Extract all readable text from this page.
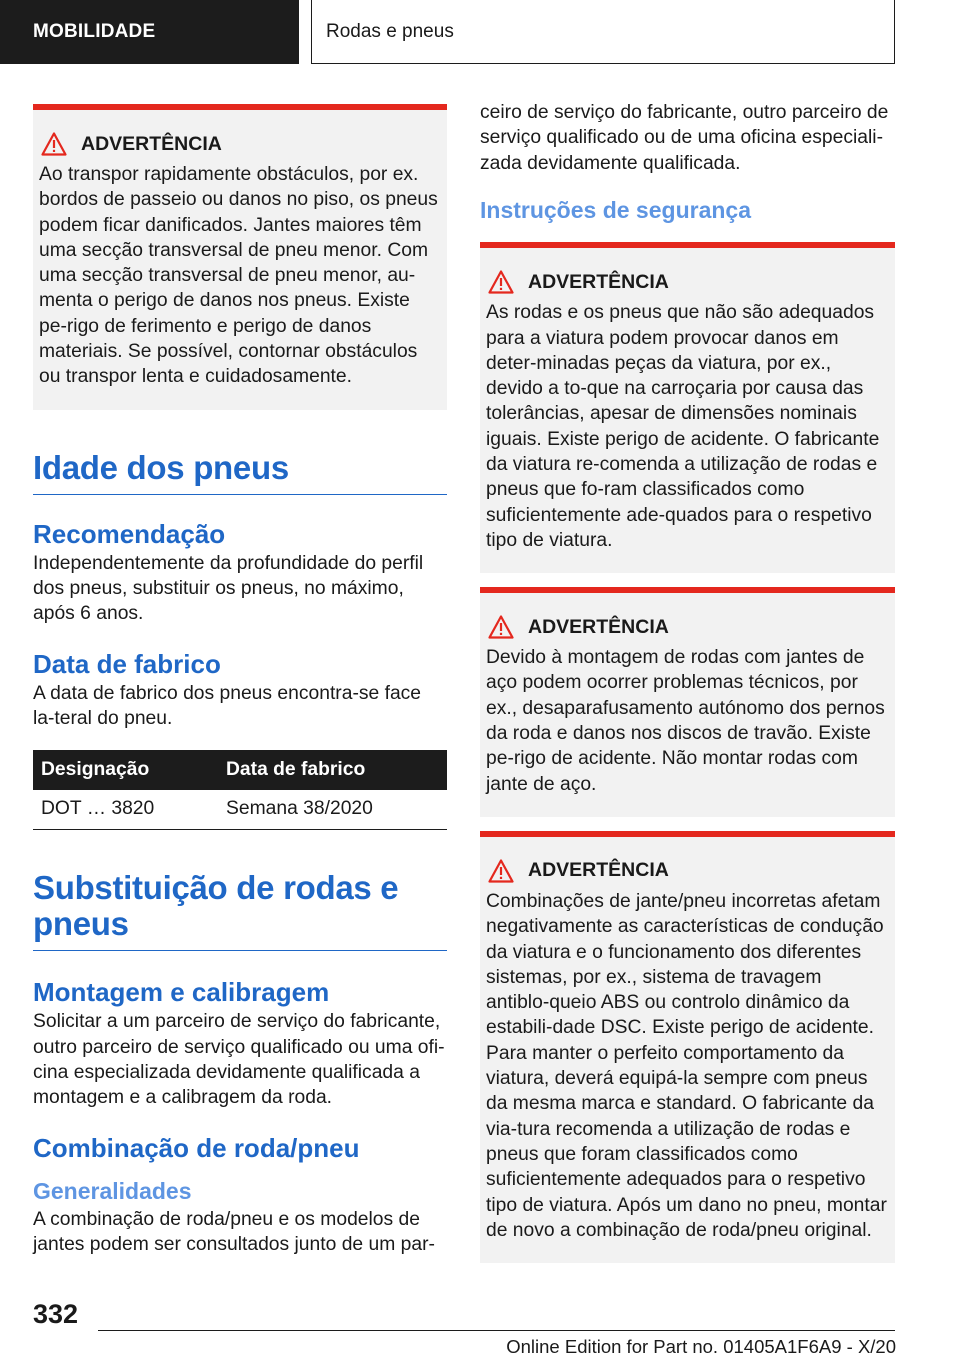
MOBILIDADE	Rodas e pneus
ADVERTÊNCIA

Ao transpor rapidamente obstáculos, por ex. bordos de passeio ou danos no piso, os pneus podem ficar danificados. Jantes maiores têm uma secção transversal de pneu menor. Com uma secção transversal de pneu menor, au-menta o perigo de danos nos pneus. Existe pe-rigo de ferimento e perigo de danos materiais. Se possível, contornar obstáculos ou transpor lenta e cuidadosamente.

Idade dos pneus
Recomendação

Independentemente da profundidade do perfil dos pneus, substituir os pneus, no máximo, após 6 anos.

Data de fabrico

A data de fabrico dos pneus encontra-se face la-teral do pneu.

Designação	Data de fabrico
DOT … 3820	Semana 38/2020
Substituição de rodas e pneus
Montagem e calibragem

Solicitar a um parceiro de serviço do fabricante, outro parceiro de serviço qualificado ou uma ofi-cina especializada devidamente qualificada a montagem e a calibragem da roda.

Combinação de roda/pneu
Generalidades

A combinação de roda/pneu e os modelos de jantes podem ser consultados junto de um par-

ceiro de serviço do fabricante, outro parceiro de serviço qualificado ou de uma oficina especiali-zada devidamente qualificada.

Instruções de segurança
ADVERTÊNCIA

As rodas e os pneus que não são adequados para a viatura podem provocar danos em deter-minadas peças da viatura, por ex., devido a to-que na carroçaria por causa das tolerâncias, apesar de dimensões nominais iguais. Existe perigo de acidente. O fabricante da viatura re-comenda a utilização de rodas e pneus que fo-ram classificados como suficientemente ade-quados para o respetivo tipo de viatura.

ADVERTÊNCIA

Devido à montagem de rodas com jantes de aço podem ocorrer problemas técnicos, por ex., desaparafusamento autónomo dos pernos da roda e danos nos discos de travão. Existe pe-rigo de acidente. Não montar rodas com jante de aço.

ADVERTÊNCIA

Combinações de jante/pneu incorretas afetam negativamente as características de condução da viatura e o funcionamento dos diferentes sistemas, por ex., sistema de travagem antiblo-queio ABS ou controlo dinâmico da estabili-dade DSC. Existe perigo de acidente. Para manter o perfeito comportamento da viatura, deverá equipá-la sempre com pneus da mesma marca e standard. O fabricante da via-tura recomenda a utilização de rodas e pneus que foram classificados como suficientemente adequados para o respetivo tipo de viatura. Após um dano no pneu, montar de novo a combinação de roda/pneu original.

332
Online Edition for Part no. 01405A1F6A9 - X/20
